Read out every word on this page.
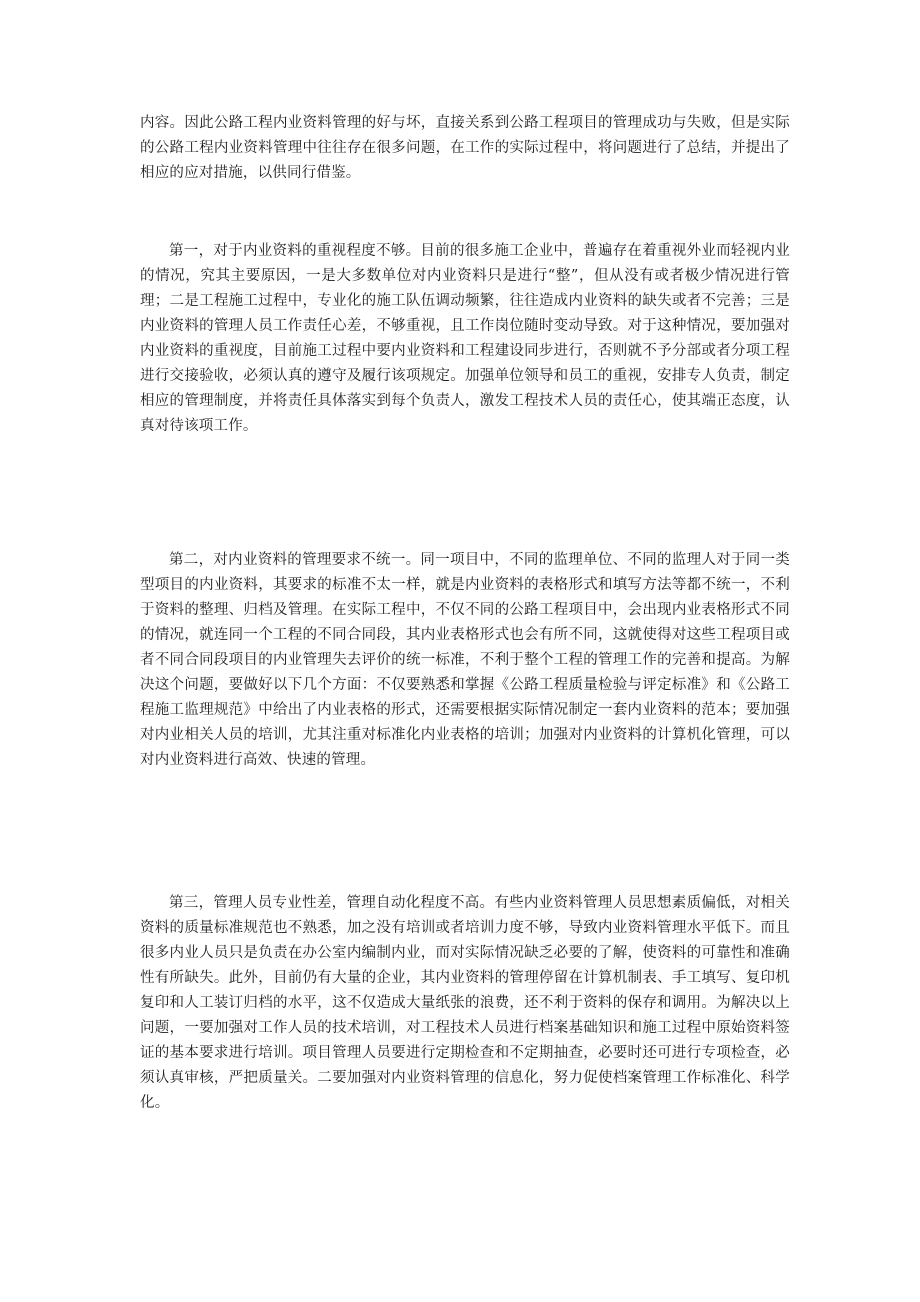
内容。因此公路工程内业资料管理的好与坏，直接关系到公路工程项目的管理成功与失败，但是实际的公路工程内业资料管理中往往存在很多问题，在工作的实际过程中，将问题进行了总结，并提出了相应的应对措施，以供同行借鉴。

第一，对于内业资料的重视程度不够。目前的很多施工企业中，普遍存在着重视外业而轻视内业的情况，究其主要原因，一是大多数单位对内业资料只是进行“整”，但从没有或者极少情况进行管理；二是工程施工过程中，专业化的施工队伍调动频繁，往往造成内业资料的缺失或者不完善；三是内业资料的管理人员工作责任心差，不够重视，且工作岗位随时变动导致。对于这种情况，要加强对内业资料的重视度，目前施工过程中要内业资料和工程建设同步进行，否则就不予分部或者分项工程进行交接验收，必须认真的遵守及履行该项规定。加强单位领导和员工的重视，安排专人负责，制定相应的管理制度，并将责任具体落实到每个负责人，激发工程技术人员的责任心，使其端正态度，认真对待该项工作。

第二，对内业资料的管理要求不统一。同一项目中，不同的监理单位、不同的监理人对于同一类型项目的内业资料，其要求的标准不太一样，就是内业资料的表格形式和填写方法等都不统一，不利于资料的整理、归档及管理。在实际工程中，不仅不同的公路工程项目中，会出现内业表格形式不同的情况，就连同一个工程的不同合同段，其内业表格形式也会有所不同，这就使得对这些工程项目或者不同合同段项目的内业管理失去评价的统一标准，不利于整个工程的管理工作的完善和提高。为解决这个问题，要做好以下几个方面：不仅要熟悉和掌握《公路工程质量检验与评定标准》和《公路工程施工监理规范》中给出了内业表格的形式，还需要根据实际情况制定一套内业资料的范本；要加强对内业相关人员的培训，尤其注重对标准化内业表格的培训；加强对内业资料的计算机化管理，可以对内业资料进行高效、快速的管理。

第三，管理人员专业性差，管理自动化程度不高。有些内业资料管理人员思想素质偏低，对相关资料的质量标准规范也不熟悉，加之没有培训或者培训力度不够，导致内业资料管理水平低下。而且很多内业人员只是负责在办公室内编制内业，而对实际情况缺乏必要的了解，使资料的可靠性和准确性有所缺失。此外，目前仍有大量的企业，其内业资料的管理停留在计算机制表、手工填写、复印机复印和人工装订归档的水平，这不仅造成大量纸张的浪费，还不利于资料的保存和调用。为解决以上问题，一要加强对工作人员的技术培训，对工程技术人员进行档案基础知识和施工过程中原始资料签证的基本要求进行培训。项目管理人员要进行定期检查和不定期抽查，必要时还可进行专项检查，必须认真审核，严把质量关。二要加强对内业资料管理的信息化，努力促使档案管理工作标准化、科学化。
